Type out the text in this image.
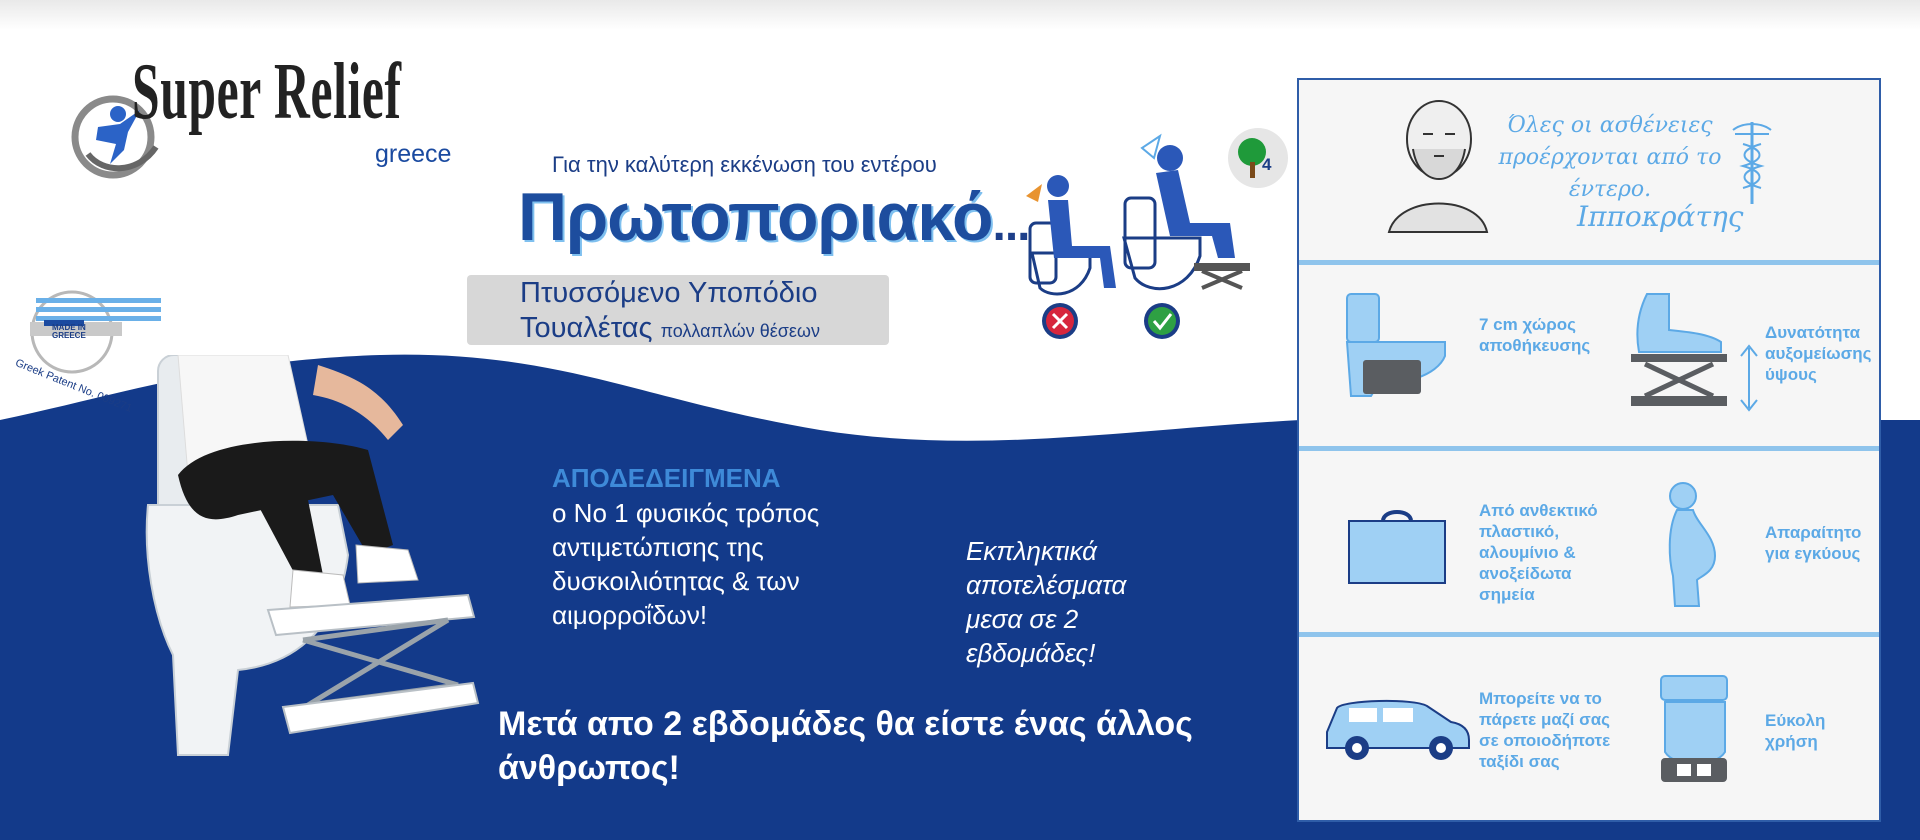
Super Relief
greece
MADE IN
GREECE
Greek Patent No. 009271
Για την καλύτερη εκκένωση του εντέρου
Πρωτοποριακό...
Πτυσσόμενο Υποπόδιο
Τουαλέτας πολλαπλών θέσεων
4
ΑΠΟΔΕΔΕΙΓΜΕΝΑ
ο Νο 1 φυσικός τρόπος αντιμετώπισης της δυσκοιλιότητας & των αιμορροΐδων!
Εκπληκτικά αποτελέσματα μεσα σε 2 εβδομάδες!
Μετά απο 2 εβδομάδες θα είστε ένας άλλος άνθρωπος!
Όλες οι ασθένειες
προέρχονται από το έντερο.
Ιπποκράτης
7 cm χώρος αποθήκευσης
Δυνατότητα αυξομείωσης ύψους
Από ανθεκτικό πλαστικό, αλουμίνιο & ανοξείδωτα σημεία
Απαραίτητο για εγκύους
Μπορείτε να το πάρετε μαζί σας σε οποιοδήποτε ταξίδι σας
Εύκολη χρήση
